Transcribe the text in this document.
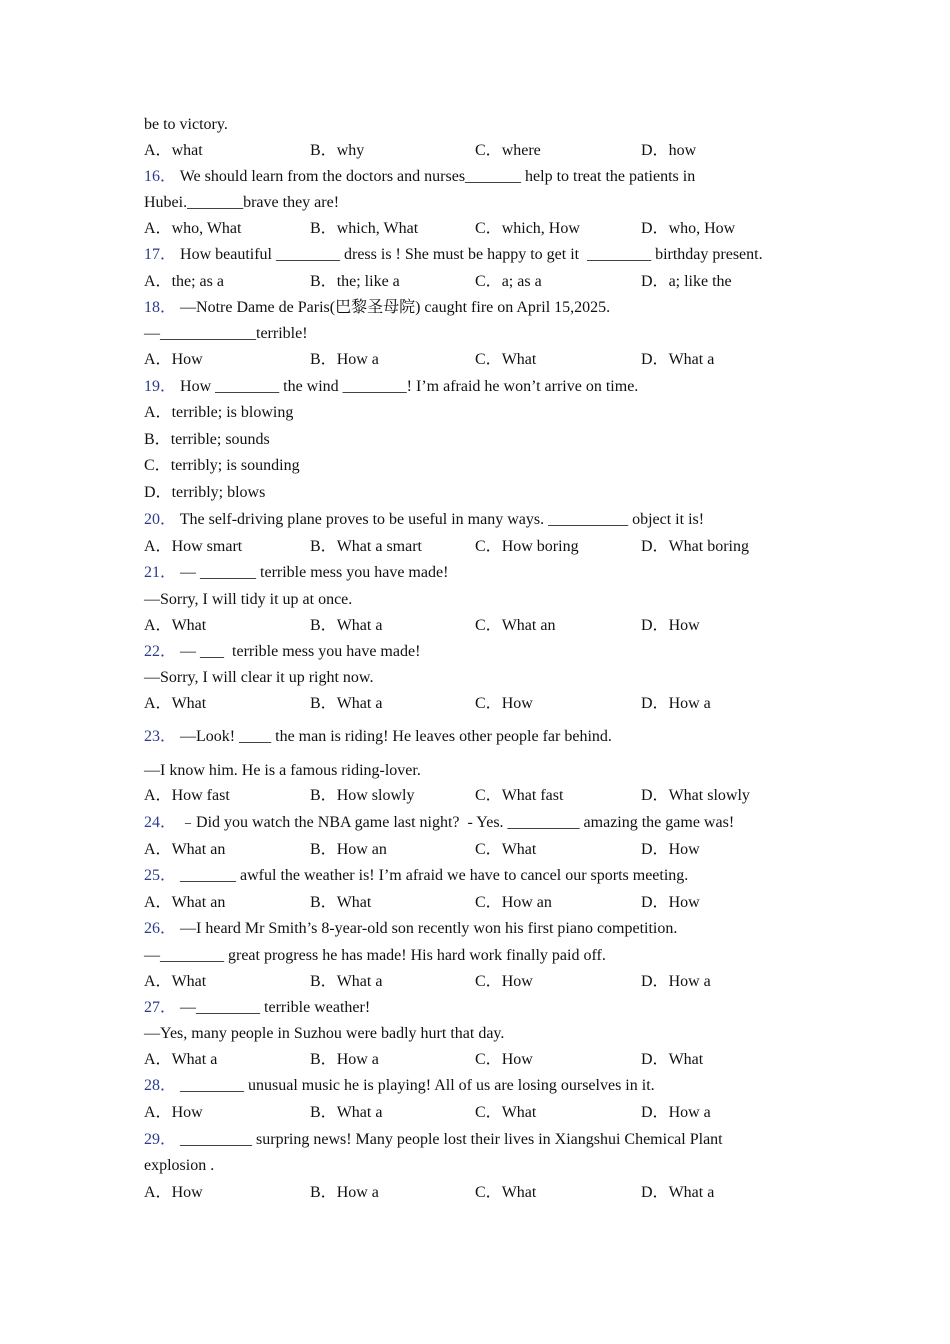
be to victory.
A．what	B．why	C．where	D．how
16． We should learn from the doctors and nurses_______ help to treat the patients in
Hubei._______brave they are!
A．who, What	B．which, What	C．which, How	D．who, How
17． How beautiful ________ dress is ! She must be happy to get it  ________ birthday present.
A．the; as a	B．the; like a	C．a; as a	D．a; like the
18． —Notre Dame de Paris(巴黎圣母院) caught fire on April 15,2025.
—____________terrible!
A．How	B．How a	C．What	D．What a
19． How ________ the wind ________! I’m afraid he won’t arrive on time.
A．terrible; is blowing
B．terrible; sounds
C．terribly; is sounding
D．terribly; blows
20． The self-driving plane proves to be useful in many ways. __________ object it is!
A．How smart	B．What a smart	C．How boring	D．What boring
21． — _______ terrible mess you have made!
—Sorry, I will tidy it up at once.
A．What	B．What a	C．What an	D．How
22． — ___  terrible mess you have made!
—Sorry, I will clear it up right now.
A．What	B．What a	C．How	D．How a
23． —Look! ____ the man is riding! He leaves other people far behind.
—I know him. He is a famous riding-lover.
A．How fast	B．How slowly	C．What fast	D．What slowly
24． ﹣Did you watch the NBA game last night?  - Yes. _________ amazing the game was!
A．What an	B．How an	C．What	D．How
25． _______ awful the weather is! I’m afraid we have to cancel our sports meeting.
A．What an	B．What	C．How an	D．How
26． —I heard Mr Smith’s 8-year-old son recently won his first piano competition.
—________ great progress he has made! His hard work finally paid off.
A．What	B．What a	C．How	D．How a
27． —________ terrible weather!
—Yes, many people in Suzhou were badly hurt that day.
A．What a	B．How a	C．How	D．What
28． ________ unusual music he is playing! All of us are losing ourselves in it.
A．How	B．What a	C．What	D．How a
29． _________ surpring news! Many people lost their lives in Xiangshui Chemical Plant
explosion .
A．How	B．How a	C．What	D．What a
